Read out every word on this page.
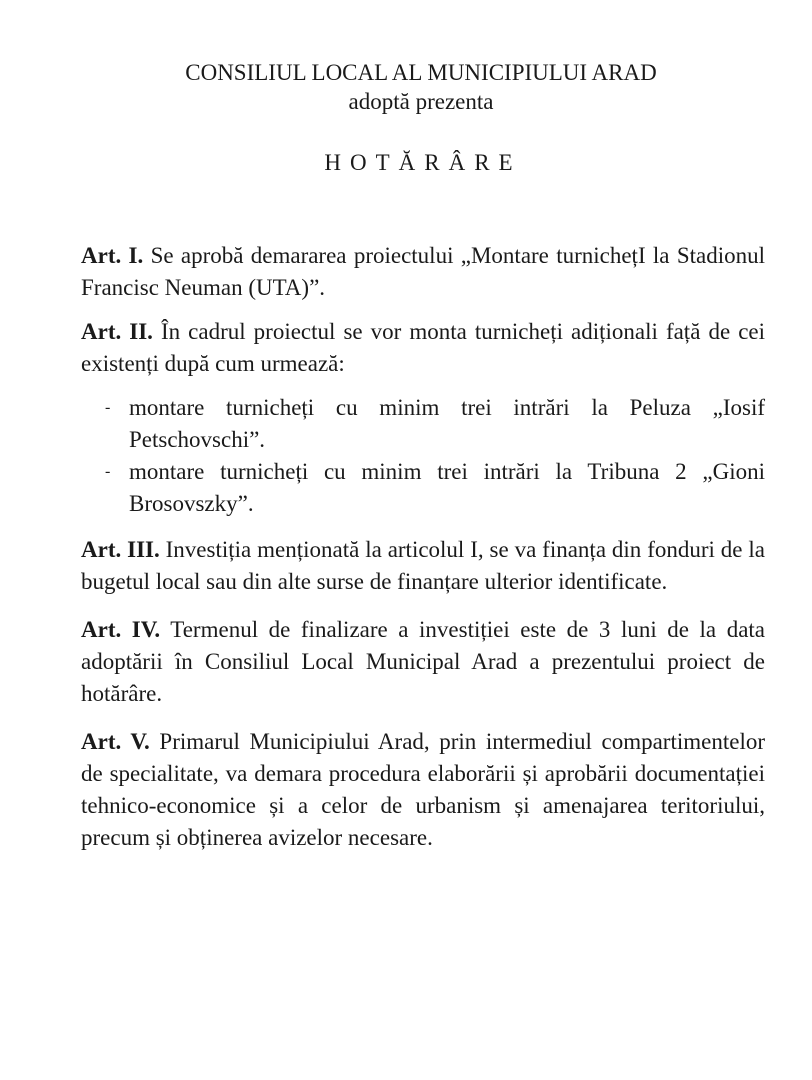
CONSILIUL LOCAL AL MUNICIPIULUI ARAD
adoptă prezenta
HOTĂRÂRE

Art. I. Se aprobă demararea proiectului „Montare turnichețI la Stadionul Francisc Neuman (UTA)”.

Art. II. În cadrul proiectul se vor monta turnicheți adiționali față de cei existenți după cum urmează:

- montare turnicheți cu minim trei intrări la Peluza „Iosif Petschovschi”.
- montare turnicheți cu minim trei intrări la Tribuna 2 „Gioni Brosovszky”.

Art. III. Investiția menționată la articolul I, se va finanța din fonduri de la bugetul local sau din alte surse de finanțare ulterior identificate.

Art. IV. Termenul de finalizare a investiției este de 3 luni de la data adoptării în Consiliul Local Municipal Arad a prezentului proiect de hotărâre.

Art. V. Primarul Municipiului Arad, prin intermediul compartimentelor de specialitate, va demara procedura elaborării și aprobării documentației tehnico-economice și a celor de urbanism și amenajarea teritoriului, precum și obținerea avizelor necesare.
